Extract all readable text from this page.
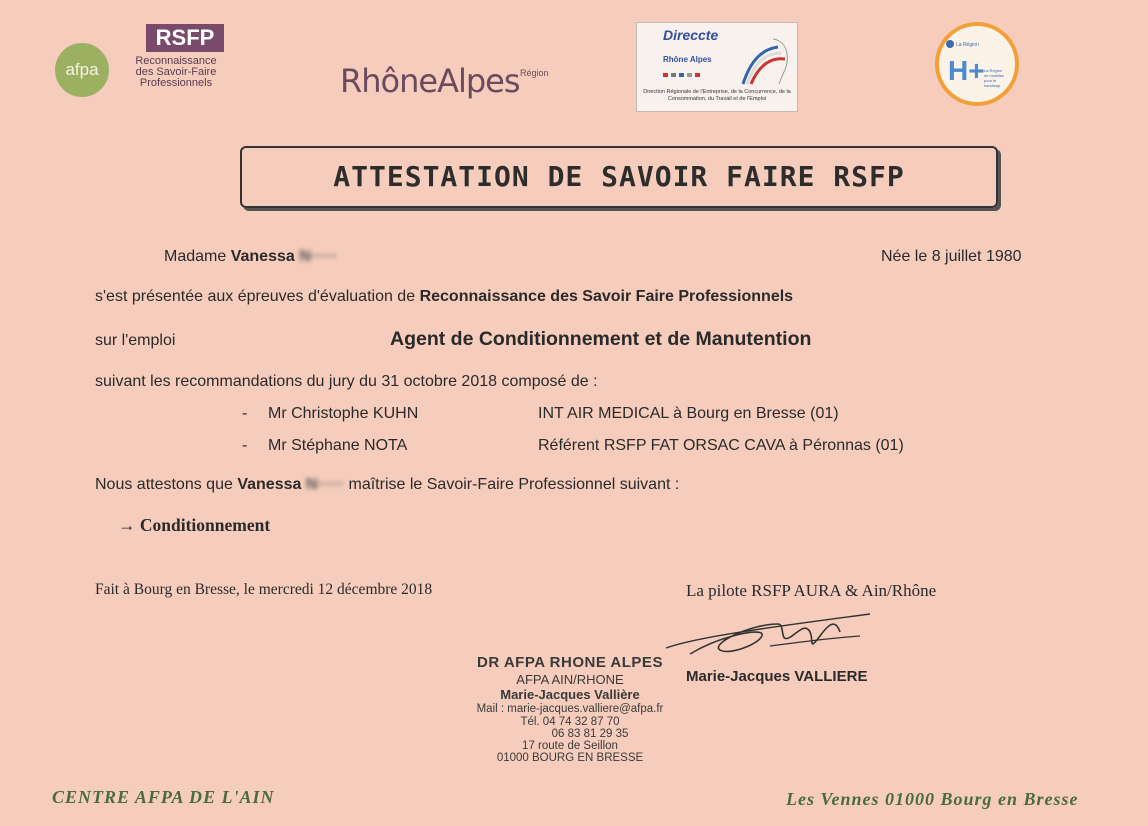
afpa
RSFP
Reconnaissance
des Savoir-Faire
Professionnels	RhôneAlpes Région
Direccte
Rhône Alpes
Direction Régionale de l'Entreprise, de la Concurrence, de la Consommation, du Travail et de l'Emploi
La Région
H+ La Région
se mobilise
pour le
handicap
ATTESTATION DE SAVOIR FAIRE RSFP
Madame Vanessa N·····	Née le 8 juillet 1980
s'est présentée aux épreuves d'évaluation de Reconnaissance des Savoir Faire Professionnels
sur l'emploi	Agent de Conditionnement et de Manutention
suivant les recommandations du jury du 31 octobre 2018 composé de :
- Mr Christophe KUHN	INT AIR MEDICAL à Bourg en Bresse (01)
- Mr Stéphane NOTA	Référent RSFP FAT ORSAC CAVA à Péronnas (01)
Nous attestons que Vanessa N····· maîtrise le Savoir-Faire Professionnel suivant :
→ Conditionnement
Fait à Bourg en Bresse, le mercredi 12 décembre 2018	La pilote RSFP AURA & Ain/Rhône
Marie-Jacques VALLIERE
DR AFPA RHONE ALPES
AFPA AIN/RHONE
Marie-Jacques Vallière
Mail : marie-jacques.valliere@afpa.fr
Tél. 04 74 32 87 70
06 83 81 29 35
17 route de Seillon
01000 BOURG EN BRESSE
CENTRE AFPA DE L'AIN	Les Vennes 01000 Bourg en Bresse
